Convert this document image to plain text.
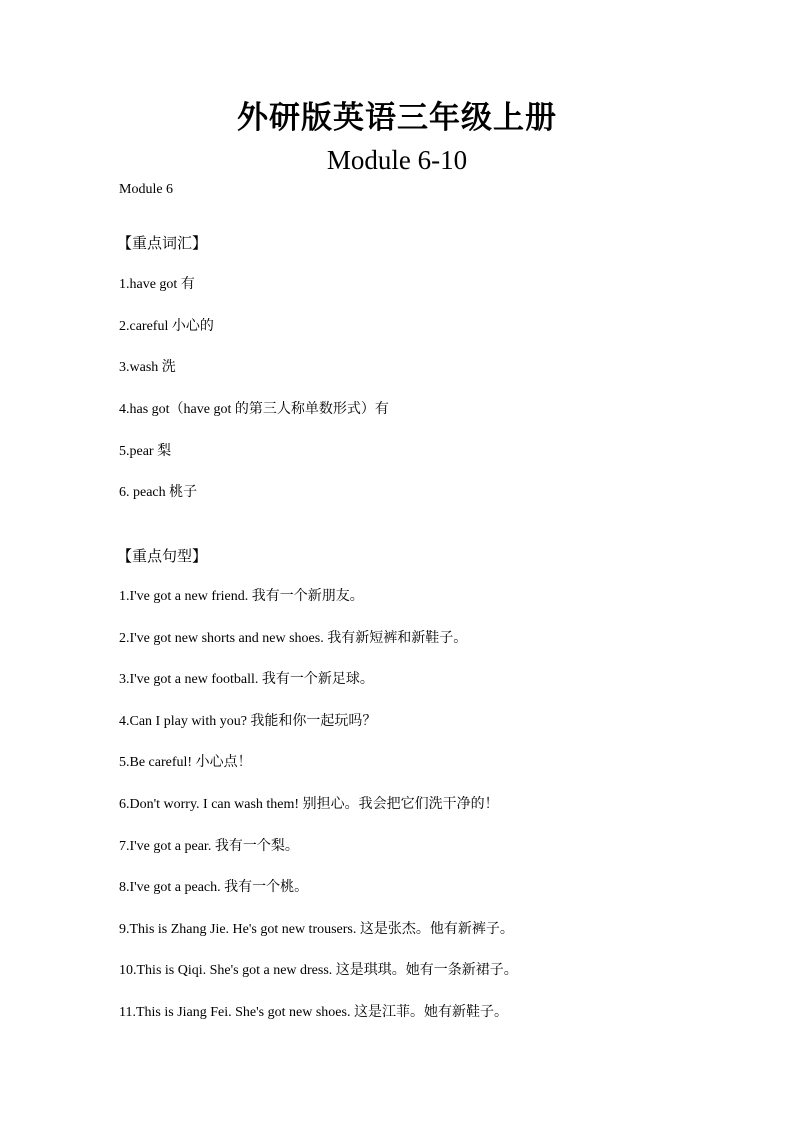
外研版英语三年级上册
Module 6-10
Module 6
【重点词汇】
1.have got 有
2.careful 小心的
3.wash 洗
4.has got（have got 的第三人称单数形式）有
5.pear 梨
6. peach 桃子
【重点句型】
1.I've got a new friend. 我有一个新朋友。
2.I've got new shorts and new shoes. 我有新短裤和新鞋子。
3.I've got a new football. 我有一个新足球。
4.Can I play with you? 我能和你一起玩吗？
5.Be careful! 小心点！
6.Don't worry. I can wash them! 别担心。我会把它们洗干净的！
7.I've got a pear. 我有一个梨。
8.I've got a peach. 我有一个桃。
9.This is Zhang Jie. He's got new trousers. 这是张杰。他有新裤子。
10.This is Qiqi. She's got a new dress. 这是琪琪。她有一条新裙子。
11.This is Jiang Fei. She's got new shoes. 这是江菲。她有新鞋子。
